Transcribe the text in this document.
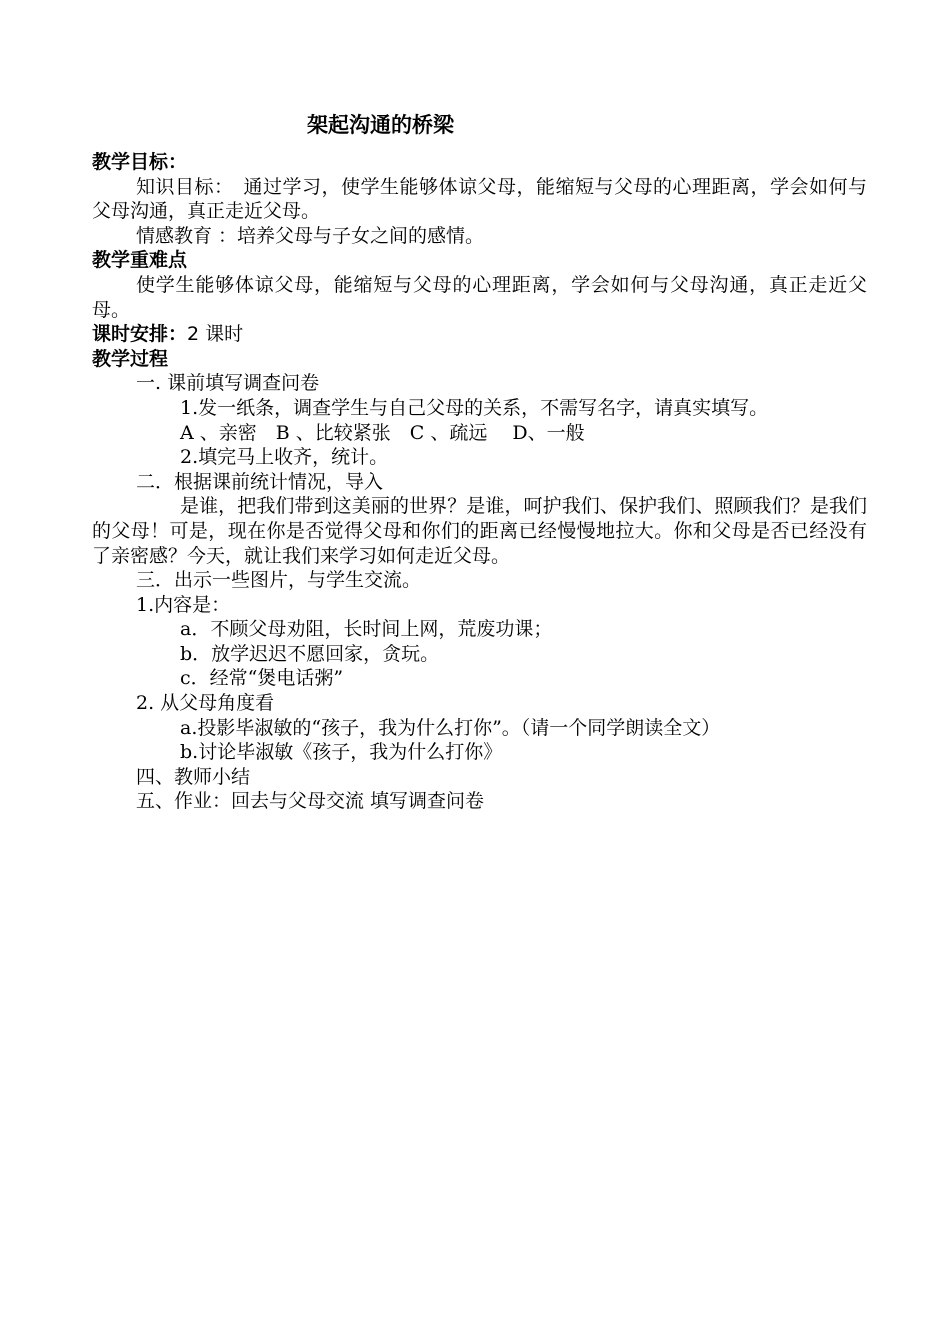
架起沟通的桥梁
教学目标：

知识目标：　通过学习，使学生能够体谅父母，能缩短与父母的心理距离，学会如何与父母沟通，真正走近父母。

情感教育 ：培养父母与子女之间的感情。

教学重难点

使学生能够体谅父母，能缩短与父母的心理距离，学会如何与父母沟通，真正走近父母。

课时安排：2 课时
教学过程

一. 课前填写调查问卷

1.发一纸条，调查学生与自己父母的关系，不需写名字，请真实填写。

A 、亲密　B 、比较紧张　C 、疏远　 D、一般

2.填完马上收齐，统计。

二．根据课前统计情况，导入

是谁，把我们带到这美丽的世界？是谁，呵护我们、保护我们、照顾我们？是我们的父母！可是，现在你是否觉得父母和你们的距离已经慢慢地拉大。你和父母是否已经没有了亲密感？今天，就让我们来学习如何走近父母。

三．出示一些图片，与学生交流。

1.内容是：

a．不顾父母劝阻，长时间上网，荒废功课；

b．放学迟迟不愿回家，贪玩。

c．经常“煲电话粥”

2. 从父母角度看

a.投影毕淑敏的“孩子，我为什么打你”。（请一个同学朗读全文）

b.讨论毕淑敏《孩子，我为什么打你》

四、教师小结

五、作业：回去与父母交流 填写调查问卷
